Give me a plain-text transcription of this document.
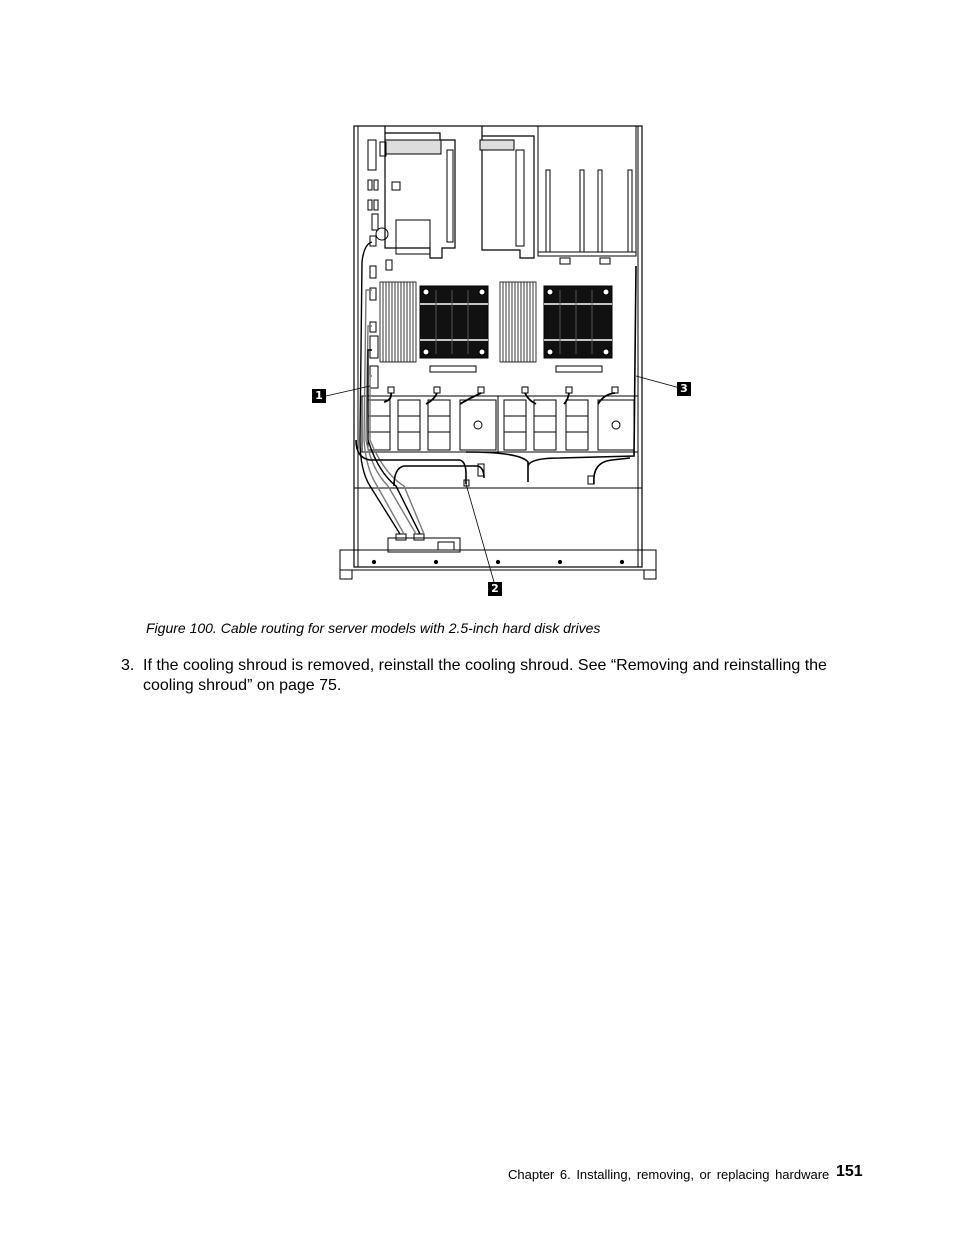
1
2
3
Figure 100. Cable routing for server models with 2.5-inch hard disk drives
3. If the cooling shroud is removed, reinstall the cooling shroud. See “Removing and reinstalling the cooling shroud” on page 75.
Chapter 6. Installing, removing, or replacing hardware 151
